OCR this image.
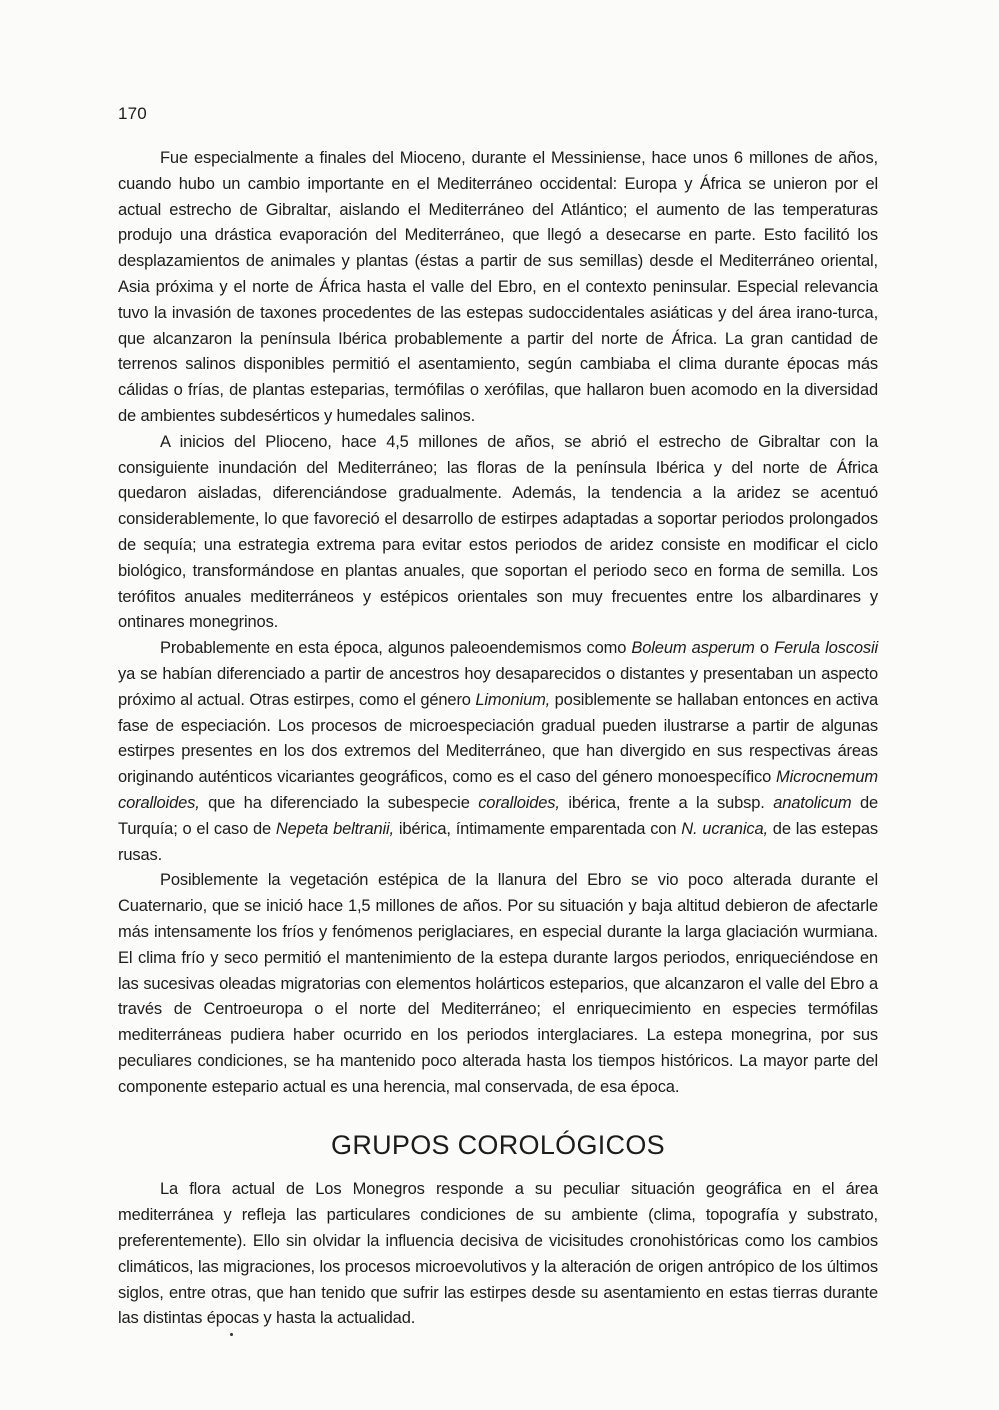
170

Fue especialmente a finales del Mioceno, durante el Messiniense, hace unos 6 millones de años, cuando hubo un cambio importante en el Mediterráneo occidental: Europa y África se unieron por el actual estrecho de Gibraltar, aislando el Mediterráneo del Atlántico; el aumento de las temperaturas produjo una drástica evaporación del Mediterráneo, que llegó a desecarse en parte. Esto facilitó los desplazamientos de animales y plantas (éstas a partir de sus semillas) desde el Mediterráneo oriental, Asia próxima y el norte de África hasta el valle del Ebro, en el contexto peninsular. Especial relevancia tuvo la invasión de taxones procedentes de las estepas sudoccidentales asiáticas y del área irano-turca, que alcanzaron la península Ibérica probablemente a partir del norte de África. La gran cantidad de terrenos salinos disponibles permitió el asentamiento, según cambiaba el clima durante épocas más cálidas o frías, de plantas esteparias, termófilas o xerófilas, que hallaron buen acomodo en la diversidad de ambientes subdesérticos y humedales salinos.

A inicios del Plioceno, hace 4,5 millones de años, se abrió el estrecho de Gibraltar con la consiguiente inundación del Mediterráneo; las floras de la península Ibérica y del norte de África quedaron aisladas, diferenciándose gradualmente. Además, la tendencia a la aridez se acentuó considerablemente, lo que favoreció el desarrollo de estirpes adaptadas a soportar periodos prolongados de sequía; una estrategia extrema para evitar estos periodos de aridez consiste en modificar el ciclo biológico, transformándose en plantas anuales, que soportan el periodo seco en forma de semilla. Los terófitos anuales mediterráneos y estépicos orientales son muy frecuentes entre los albardinares y ontinares monegrinos.

Probablemente en esta época, algunos paleoendemismos como Boleum asperum o Ferula loscosii ya se habían diferenciado a partir de ancestros hoy desaparecidos o distantes y presentaban un aspecto próximo al actual. Otras estirpes, como el género Limonium, posiblemente se hallaban entonces en activa fase de especiación. Los procesos de microespeciación gradual pueden ilustrarse a partir de algunas estirpes presentes en los dos extremos del Mediterráneo, que han divergido en sus respectivas áreas originando auténticos vicariantes geográficos, como es el caso del género monoespecífico Microcnemum coralloides, que ha diferenciado la subespecie coralloides, ibérica, frente a la subsp. anatolicum de Turquía; o el caso de Nepeta beltranii, ibérica, íntimamente emparentada con N. ucranica, de las estepas rusas.

Posiblemente la vegetación estépica de la llanura del Ebro se vio poco alterada durante el Cuaternario, que se inició hace 1,5 millones de años. Por su situación y baja altitud debieron de afectarle más intensamente los fríos y fenómenos periglaciares, en especial durante la larga glaciación wurmiana. El clima frío y seco permitió el mantenimiento de la estepa durante largos periodos, enriqueciéndose en las sucesivas oleadas migratorias con elementos holárticos esteparios, que alcanzaron el valle del Ebro a través de Centroeuropa o el norte del Mediterráneo; el enriquecimiento en especies termófilas mediterráneas pudiera haber ocurrido en los periodos interglaciares. La estepa monegrina, por sus peculiares condiciones, se ha mantenido poco alterada hasta los tiempos históricos. La mayor parte del componente estepario actual es una herencia, mal conservada, de esa época.

GRUPOS COROLÓGICOS

La flora actual de Los Monegros responde a su peculiar situación geográfica en el área mediterránea y refleja las particulares condiciones de su ambiente (clima, topografía y substrato, preferentemente). Ello sin olvidar la influencia decisiva de vicisitudes cronohistóricas como los cambios climáticos, las migraciones, los procesos microevolutivos y la alteración de origen antrópico de los últimos siglos, entre otras, que han tenido que sufrir las estirpes desde su asentamiento en estas tierras durante las distintas épocas y hasta la actualidad.
